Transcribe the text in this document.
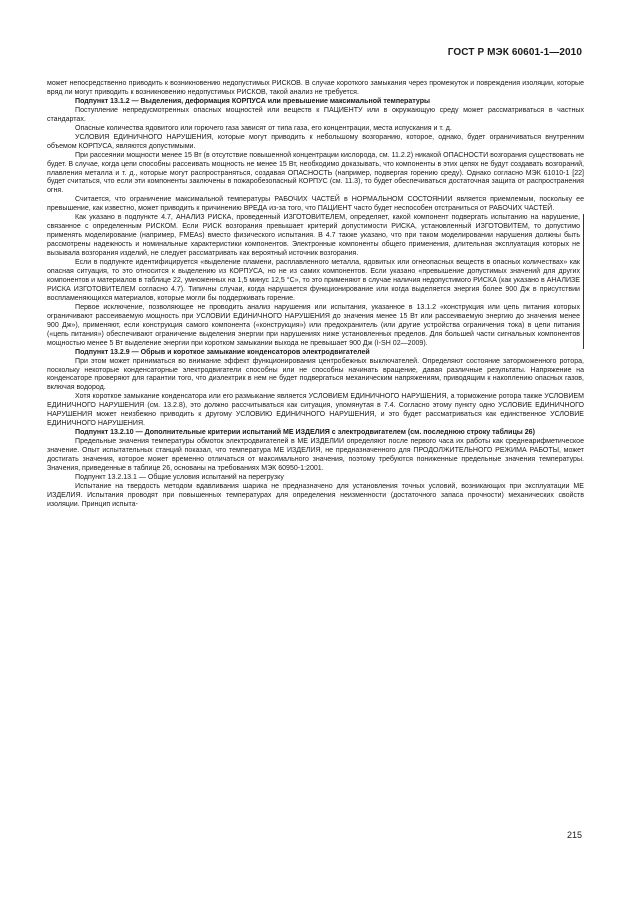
ГОСТ Р МЭК 60601-1—2010

может непосредственно приводить к возникновению недопустимых РИСКОВ. В случае короткого замыкания через промежуток и повреждения изоляции, которые вряд ли могут приводить к возникновению недопустимых РИСКОВ, такой анализ не требуется.

Подпункт 13.1.2 — Выделения, деформация КОРПУСА или превышение максимальной температуры

Поступление непредусмотренных опасных мощностей или веществ к ПАЦИЕНТУ или в окружающую среду может рассматриваться в частных стандартах.

Опасные количества ядовитого или горючего газа зависят от типа газа, его концентрации, места испускания и т. д.

УСЛОВИЯ ЕДИНИЧНОГО НАРУШЕНИЯ, которые могут приводить к небольшому возгоранию, которое, однако, будет ограничиваться внутренним объемом КОРПУСА, являются допустимыми.

При рассеянии мощности менее 15 Вт (в отсутствие повышенной концентрации кислорода, см. 11.2.2) никакой ОПАСНОСТИ возгорания существовать не будет. В случае, когда цепи способны рассеивать мощность не менее 15 Вт, необходимо доказывать, что компоненты в этих цепях не будут создавать возгораний, плавления металла и т. д., которые могут распространяться, создавая ОПАСНОСТЬ (например, подвергая горению среду). Однако согласно МЭК 61010-1 [22] будет считаться, что если эти компоненты заключены в пожаробезопасный КОРПУС (см. 11.3), то будет обеспечиваться достаточная защита от распространения огня.

Считается, что ограничение максимальной температуры РАБОЧИХ ЧАСТЕЙ в НОРМАЛЬНОМ СОСТОЯНИИ является приемлемым, поскольку ее превышение, как известно, может приводить к причинению ВРЕДА из-за того, что ПАЦИЕНТ часто будет неспособен отстраниться от РАБОЧИХ ЧАСТЕЙ.

Как указано в подпункте 4.7, АНАЛИЗ РИСКА, проведенный ИЗГОТОВИТЕЛЕМ, определяет, какой компонент подвергать испытанию на нарушение, связанное с определенным РИСКОМ. Если РИСК возгорания превышает критерий допустимости РИСКА, установленный ИЗГОТОВИТЕМ, то допустимо применять моделирование (например, FMEAs) вместо физического испытания. В 4.7 также указано, что при таком моделировании нарушения должны быть рассмотрены надежность и номинальные характеристики компонентов. Электронные компоненты общего применения, длительная эксплуатация которых не вызывала возгорания изделий, не следует рассматривать как вероятный источник возгорания.

Если в подпункте идентифицируется «выделение пламени, расплавленного металла, ядовитых или огнеопасных веществ в опасных количествах» как опасная ситуация, то это относится к выделению из КОРПУСА, но не из самих компонентов. Если указано «превышение допустимых значений для других компонентов и материалов в таблице 22, умноженных на 1,5 минус 12,5 °С», то это применяют в случае наличия недопустимого РИСКА (как указано в АНАЛИЗЕ РИСКА ИЗГОТОВИТЕЛЕМ согласно 4.7). Типичны случаи, когда нарушается функционирование или когда выделяется энергия более 900 Дж в присутствии воспламеняющихся материалов, которые могли бы поддерживать горение.

Первое исключение, позволяющее не проводить анализ нарушения или испытания, указанное в 13.1.2 «конструкция или цепь питания которых ограничивают рассеиваемую мощность при УСЛОВИИ ЕДИНИЧНОГО НАРУШЕНИЯ до значения менее 15 Вт или рассеиваемую энергию до значения менее 900 Дж»), применяют, если конструкция самого компонента («конструкция») или предохранитель (или другие устройства ограничения тока) в цепи питания («цепь питания») обеспечивают ограничение выделения энергии при нарушениях ниже установленных пределов. Для большей части сигнальных компонентов мощностью менее 5 Вт выделение энергии при коротком замыкании выхода не превышает 900 Дж (I-SH 02—2009).

Подпункт 13.2.9 — Обрыв и короткое замыкание конденсаторов электродвигателей

При этом может приниматься во внимание эффект функционирования центробежных выключателей. Определяют состояние заторможенного ротора, поскольку некоторые конденсаторные электродвигатели способны или не способны начинать вращение, давая различные результаты. Напряжение на конденсаторе проверяют для гарантии того, что диэлектрик в нем не будет подвергаться механическим напряжениям, приводящим к накоплению опасных газов, включая водород.

Хотя короткое замыкание конденсатора или его размыкание является УСЛОВИЕМ ЕДИНИЧНОГО НАРУШЕНИЯ, а торможение ротора также УСЛОВИЕМ ЕДИНИЧНОГО НАРУШЕНИЯ (см. 13.2.8), это должно рассчитываться как ситуация, упомянутая в 7.4. Согласно этому пункту одно УСЛОВИЕ ЕДИНИЧНОГО НАРУШЕНИЯ может неизбежно приводить к другому УСЛОВИЮ ЕДИНИЧНОГО НАРУШЕНИЯ, и это будет рассматриваться как единственное УСЛОВИЕ ЕДИНИЧНОГО НАРУШЕНИЯ.

Подпункт 13.2.10 — Дополнительные критерии испытаний МЕ ИЗДЕЛИЯ с электродвигателем (см. последнюю строку таблицы 26)

Предельные значения температуры обмоток электродвигателей в МЕ ИЗДЕЛИИ определяют после первого часа их работы как среднеарифметическое значение. Опыт испытательных станций показал, что температура МЕ ИЗДЕЛИЯ, не предназначенного для ПРОДОЛЖИТЕЛЬНОГО РЕЖИМА РАБОТЫ, может достигать значения, которое может временно отличаться от максимального значения, поэтому требуются пониженные предельные значения температуры. Значения, приведенные в таблице 26, основаны на требованиях МЭК 60950-1:2001.

Подпункт 13.2.13.1 — Общие условия испытаний на перегрузку

Испытание на твердость методом вдавливания шарика не предназначено для установления точных условий, возникающих при эксплуатации МЕ ИЗДЕЛИЯ. Испытания проводят при повышенных температурах для определения неизменности (достаточного запаса прочности) механических свойств изоляции. Принцип испыта-

215
